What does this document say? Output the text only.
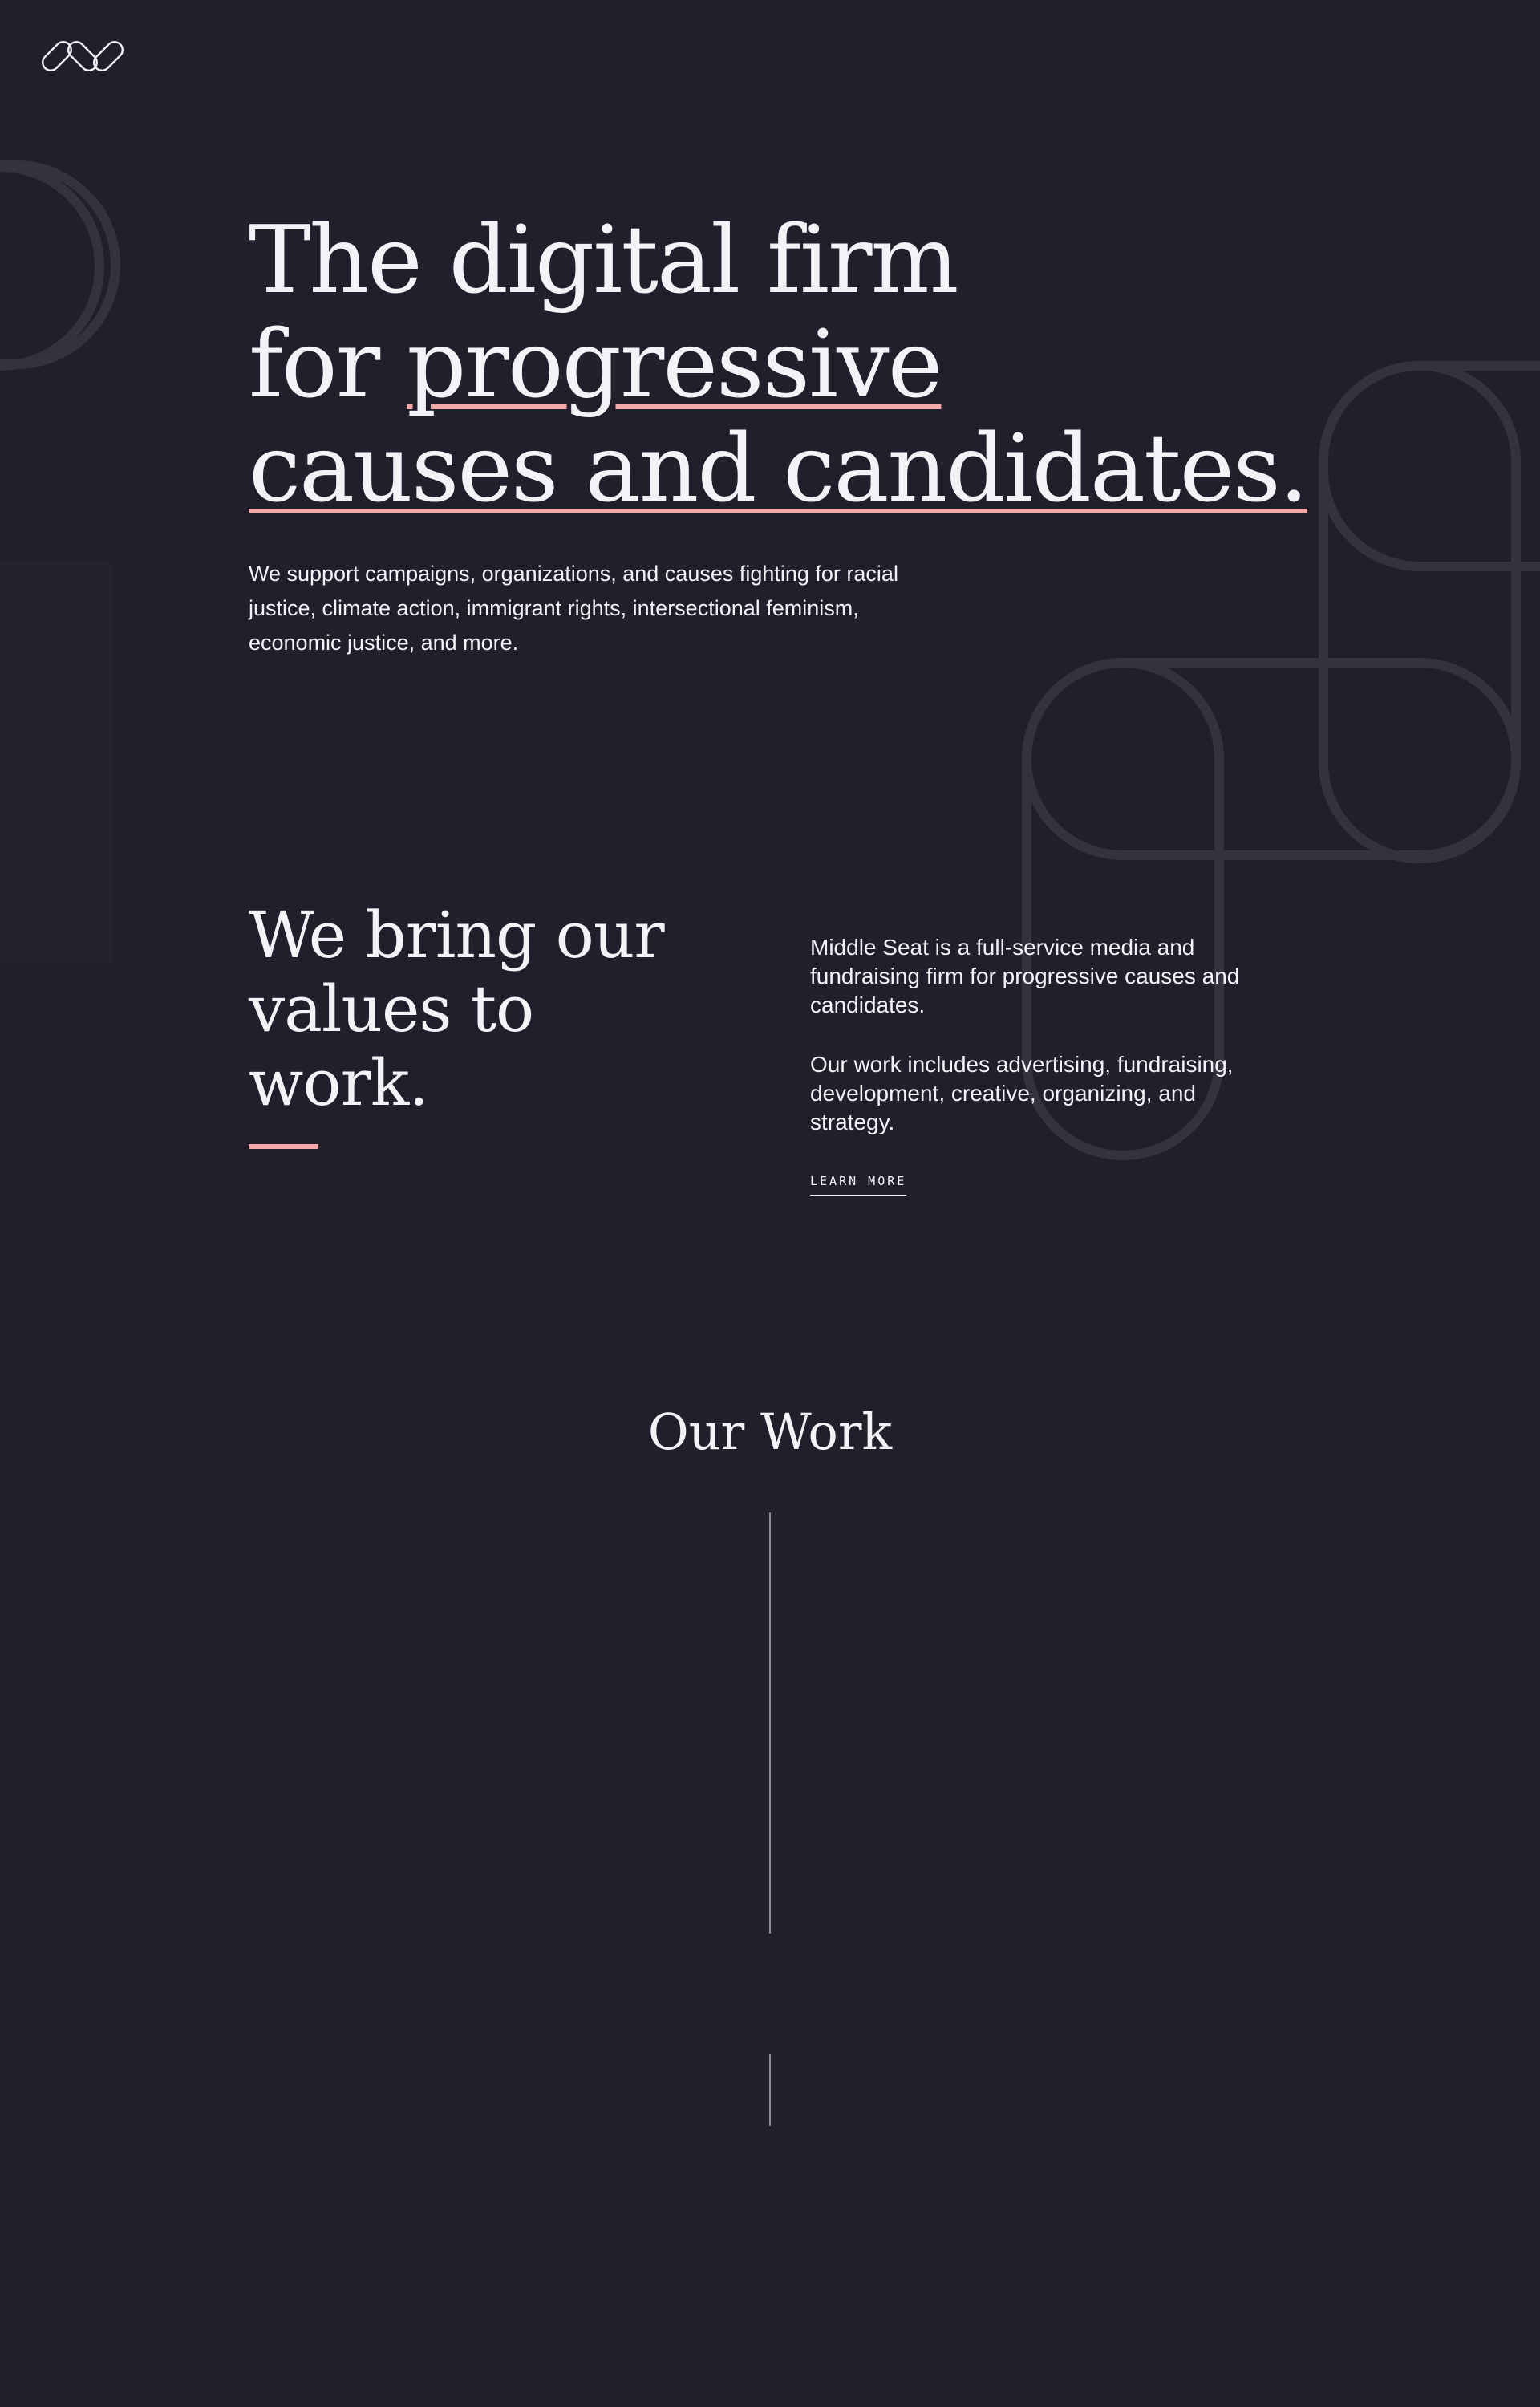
The digital firm
for progressive
causes and candidates.

We support campaigns, organizations, and causes fighting for racial justice, climate action, immigrant rights, intersectional feminism, economic justice, and more.

We bring our
values to work.

Middle Seat is a full-service media and fundraising firm for progressive causes and candidates.

Our work includes advertising, fundraising, development, creative, organizing, and strategy.

LEARN MORE
Our Work
